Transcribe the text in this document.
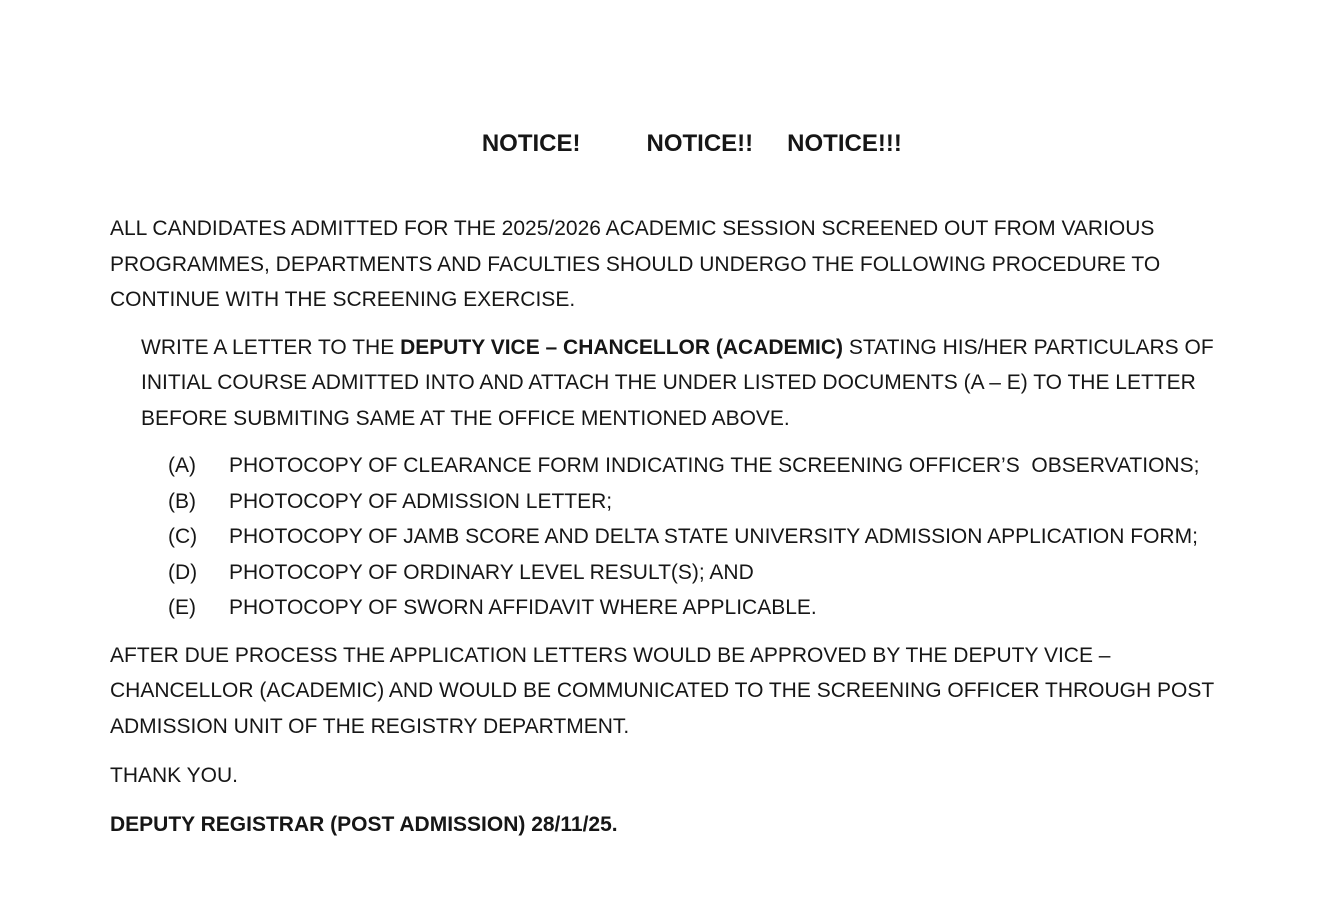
NOTICE!	NOTICE!! NOTICE!!!

ALL CANDIDATES ADMITTED FOR THE 2025/2026 ACADEMIC SESSION SCREENED OUT FROM VARIOUS
PROGRAMMES, DEPARTMENTS AND FACULTIES SHOULD UNDERGO THE FOLLOWING PROCEDURE TO
CONTINUE WITH THE SCREENING EXERCISE.
WRITE A LETTER TO THE DEPUTY VICE – CHANCELLOR (ACADEMIC) STATING HIS/HER PARTICULARS OF
INITIAL COURSE ADMITTED INTO AND ATTACH THE UNDER LISTED DOCUMENTS (A – E) TO THE LETTER
BEFORE SUBMITING SAME AT THE OFFICE MENTIONED ABOVE.
(A) PHOTOCOPY OF CLEARANCE FORM INDICATING THE SCREENING OFFICER’S  OBSERVATIONS;
(B) PHOTOCOPY OF ADMISSION LETTER;
(C) PHOTOCOPY OF JAMB SCORE AND DELTA STATE UNIVERSITY ADMISSION APPLICATION FORM;
(D) PHOTOCOPY OF ORDINARY LEVEL RESULT(S); AND
(E) PHOTOCOPY OF SWORN AFFIDAVIT WHERE APPLICABLE.
AFTER DUE PROCESS THE APPLICATION LETTERS WOULD BE APPROVED BY THE DEPUTY VICE –
CHANCELLOR (ACADEMIC) AND WOULD BE COMMUNICATED TO THE SCREENING OFFICER THROUGH POST
ADMISSION UNIT OF THE REGISTRY DEPARTMENT.
THANK YOU.
DEPUTY REGISTRAR (POST ADMISSION) 28/11/25.
